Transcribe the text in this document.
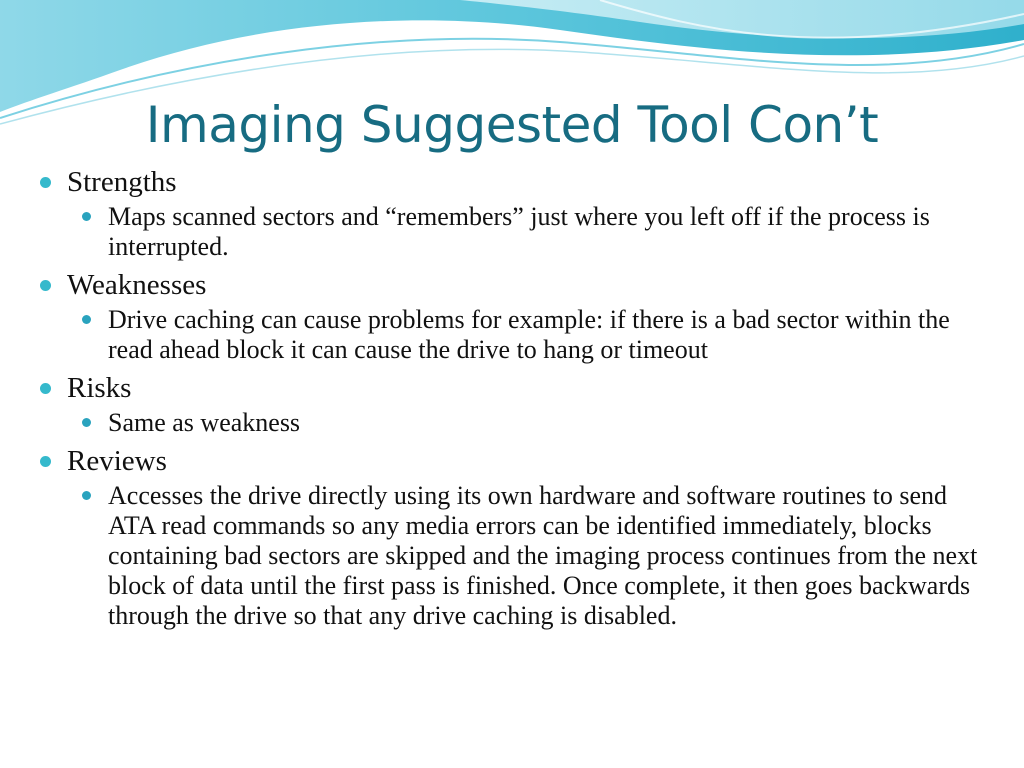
Imaging Suggested Tool Con’t
Strengths
Maps scanned sectors and “remembers” just where you left off if the process is interrupted.
Weaknesses
Drive caching can cause problems for example: if there is a bad sector within the read ahead block it can cause the drive to hang or timeout
Risks
Same as weakness
Reviews
Accesses the drive directly using its own hardware and software routines to send ATA read commands so any media errors can be identified immediately, blocks containing bad sectors are skipped and the imaging process continues from the next block of data until the first pass is finished. Once complete, it then goes backwards through the drive so that any drive caching is disabled.
